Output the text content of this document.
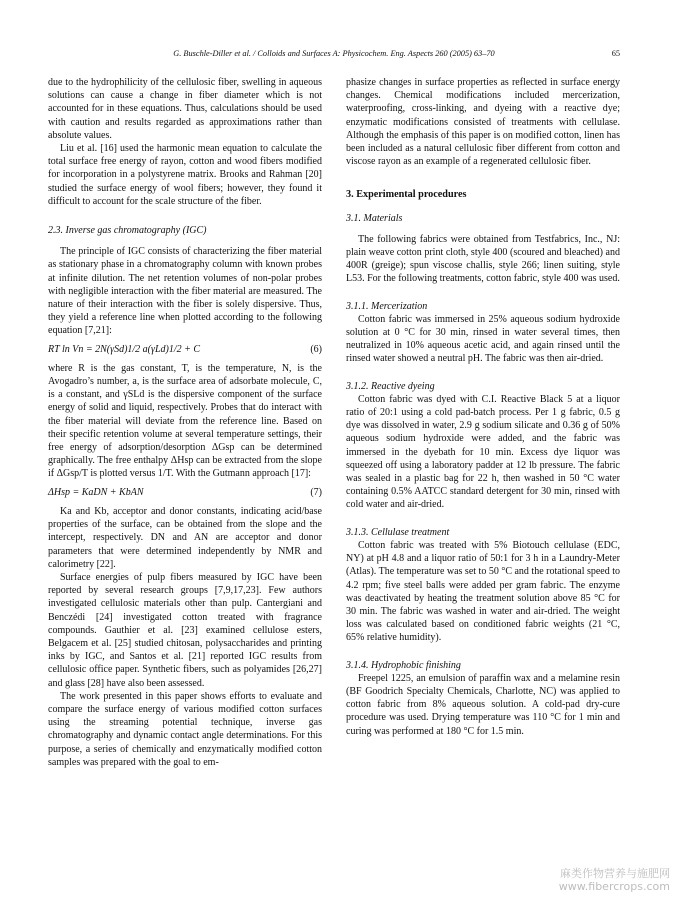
G. Buschle-Diller et al. / Colloids and Surfaces A: Physicochem. Eng. Aspects 260 (2005) 63–70	65

due to the hydrophilicity of the cellulosic fiber, swelling in aqueous solutions can cause a change in fiber diameter which is not accounted for in these equations. Thus, calculations should be used with caution and results regarded as approximations rather than absolute values.

Liu et al. [16] used the harmonic mean equation to calculate the total surface free energy of rayon, cotton and wood fibers modified for incorporation in a polystyrene matrix. Brooks and Rahman [20] studied the surface energy of wool fibers; however, they found it difficult to account for the scale structure of the fiber.

2.3. Inverse gas chromatography (IGC)

The principle of IGC consists of characterizing the fiber material as stationary phase in a chromatography column with known probes at infinite dilution. The net retention volumes of non-polar probes with negligible interaction with the fiber material are measured. The nature of their interaction with the fiber is solely dispersive. Thus, they yield a reference line when plotted according to the following equation [7,21]:

RT ln Vn = 2N(γSd)1/2 a(γLd)1/2 + C	(6)

where R is the gas constant, T, is the temperature, N, is the Avogadro’s number, a, is the surface area of adsorbate molecule, C, is a constant, and γSLd is the dispersive component of the surface energy of solid and liquid, respectively. Probes that do interact with the fiber material will deviate from the reference line. Based on their specific retention volume at several temperature settings, their free energy of adsorption/desorption ΔGsp can be determined graphically. The free enthalpy ΔHsp can be extracted from the slope if ΔGsp/T is plotted versus 1/T. With the Gutmann approach [17]:

ΔHsp = KaDN + KbAN	(7)

Ka and Kb, acceptor and donor constants, indicating acid/base properties of the surface, can be obtained from the slope and the intercept, respectively. DN and AN are acceptor and donor parameters that were determined independently by NMR and calorimetry [22].

Surface energies of pulp fibers measured by IGC have been reported by several research groups [7,9,17,23]. Few authors investigated cellulosic materials other than pulp. Cantergiani and Benczédi [24] investigated cotton treated with fragrance compounds. Gauthier et al. [23] examined cellulose esters, Belgacem et al. [25] studied chitosan, polysaccharides and printing inks by IGC, and Santos et al. [21] reported IGC results from cellulosic office paper. Synthetic fibers, such as polyamides [26,27] and glass [28] have also been assessed.

The work presented in this paper shows efforts to evaluate and compare the surface energy of various modified cotton surfaces using the streaming potential technique, inverse gas chromatography and dynamic contact angle determinations. For this purpose, a series of chemically and enzymatically modified cotton samples was prepared with the goal to em-

phasize changes in surface properties as reflected in surface energy changes. Chemical modifications included mercerization, waterproofing, cross-linking, and dyeing with a reactive dye; enzymatic modifications consisted of treatments with cellulase. Although the emphasis of this paper is on modified cotton, linen has been included as a natural cellulosic fiber different from cotton and viscose rayon as an example of a regenerated cellulosic fiber.

3. Experimental procedures

3.1. Materials

The following fabrics were obtained from Testfabrics, Inc., NJ: plain weave cotton print cloth, style 400 (scoured and bleached) and 400R (greige); spun viscose challis, style 266; linen suiting, style L53. For the following treatments, cotton fabric, style 400 was used.

3.1.1. Mercerization

Cotton fabric was immersed in 25% aqueous sodium hydroxide solution at 0 °C for 30 min, rinsed in water several times, then neutralized in 10% aqueous acetic acid, and again rinsed until the rinsed water showed a neutral pH. The fabric was then air-dried.

3.1.2. Reactive dyeing

Cotton fabric was dyed with C.I. Reactive Black 5 at a liquor ratio of 20:1 using a cold pad-batch process. Per 1 g fabric, 0.5 g dye was dissolved in water, 2.9 g sodium silicate and 0.36 g of 50% aqueous sodium hydroxide were added, and the fabric was immersed in the dyebath for 10 min. Excess dye liquor was squeezed off using a laboratory padder at 12 lb pressure. The fabric was sealed in a plastic bag for 22 h, then washed in 50 °C water containing 0.5% AATCC standard detergent for 30 min, rinsed with cold water and air-dried.

3.1.3. Cellulase treatment

Cotton fabric was treated with 5% Biotouch cellulase (EDC, NY) at pH 4.8 and a liquor ratio of 50:1 for 3 h in a Laundry-Meter (Atlas). The temperature was set to 50 °C and the rotational speed to 4.2 rpm; five steel balls were added per gram fabric. The enzyme was deactivated by heating the treatment solution above 85 °C for 30 min. The fabric was washed in water and air-dried. The weight loss was calculated based on conditioned fabric weights (21 °C, 65% relative humidity).

3.1.4. Hydrophobic finishing

Freepel 1225, an emulsion of paraffin wax and a melamine resin (BF Goodrich Specialty Chemicals, Charlotte, NC) was applied to cotton fabric from 8% aqueous solution. A cold-pad dry-cure procedure was used. Drying temperature was 110 °C for 1 min and curing was performed at 180 °C for 1.5 min.

麻类作物营养与施肥网
www.fibercrops.com
